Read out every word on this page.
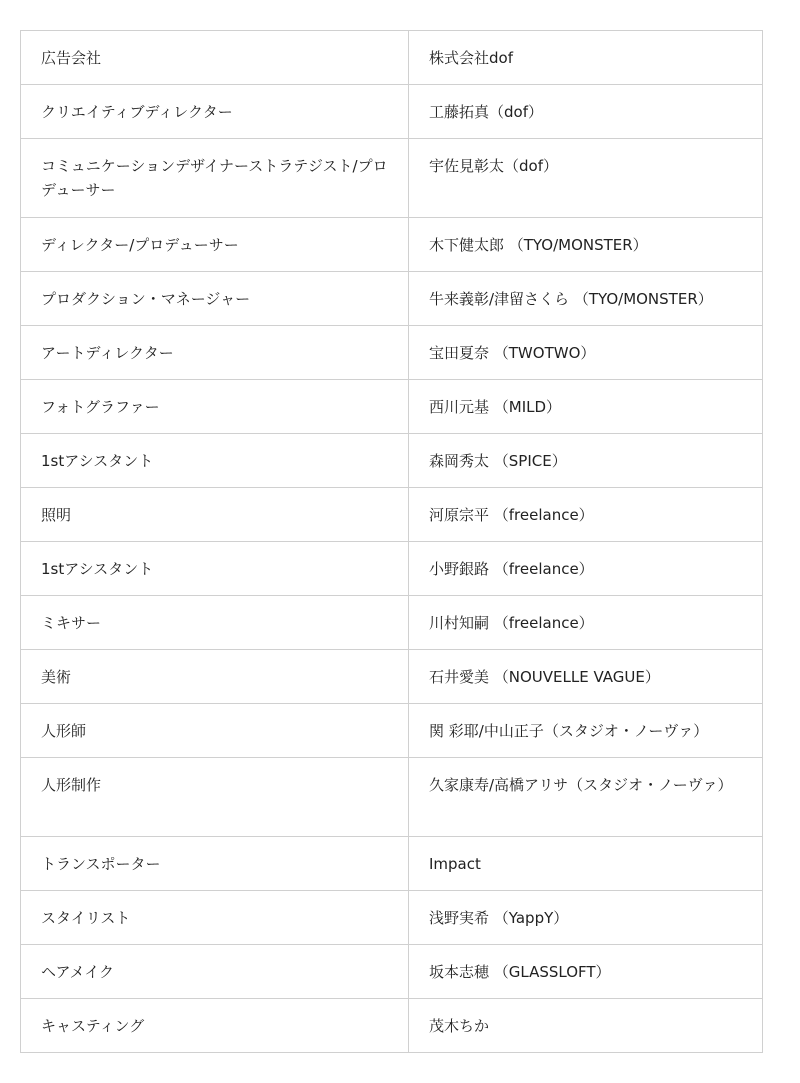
広告会社	株式会社dof
クリエイティブディレクター	工藤拓真（dof）
コミュニケーションデザイナーストラテジスト/プロデューサー	宇佐見彰太（dof）
ディレクター/プロデューサー	木下健太郎 （TYO/MONSTER）
プロダクション・マネージャー	牛来義彰/津留さくら （TYO/MONSTER）
アートディレクター	宝田夏奈 （TWOTWO）
フォトグラファー	西川元基 （MILD）
1stアシスタント	森岡秀太 （SPICE）
照明	河原宗平 （freelance）
1stアシスタント	小野銀路 （freelance）
ミキサー	川村知嗣 （freelance）
美術	石井愛美 （NOUVELLE VAGUE）
人形師	関 彩耶/中山正子（スタジオ・ノーヴァ）
人形制作	久家康寿/高橋アリサ（スタジオ・ノーヴァ）
トランスポーター	Impact
スタイリスト	浅野実希 （YappY）
ヘアメイク	坂本志穂 （GLASSLOFT）
キャスティング	茂木ちか
